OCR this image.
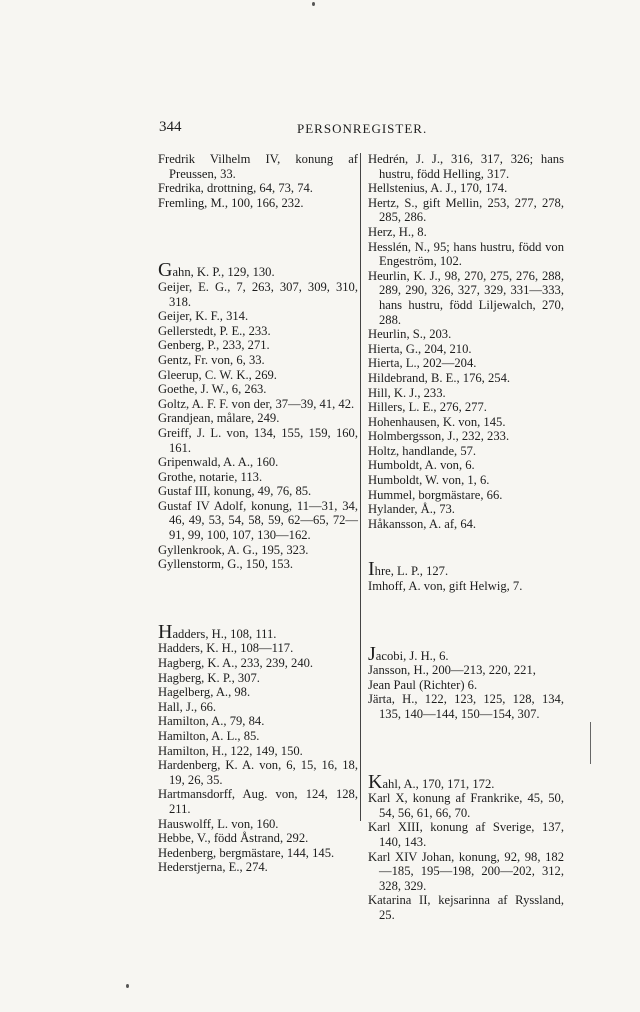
344	PERSONREGISTER.

Fredrik Vilhelm IV, konung af Preussen, 33.

Fredrika, drottning, 64, 73, 74.

Fremling, M., 100, 166, 232.

Gahn, K. P., 129, 130.

Geijer, E. G., 7, 263, 307, 309, 310, 318.

Geijer, K. F., 314.

Gellerstedt, P. E., 233.

Genberg, P., 233, 271.

Gentz, Fr. von, 6, 33.

Gleerup, C. W. K., 269.

Goethe, J. W., 6, 263.

Goltz, A. F. F. von der, 37—39, 41, 42.

Grandjean, målare, 249.

Greiff, J. L. von, 134, 155, 159, 160, 161.

Gripenwald, A. A., 160.

Grothe, notarie, 113.

Gustaf III, konung, 49, 76, 85.

Gustaf IV Adolf, konung, 11—31, 34, 46, 49, 53, 54, 58, 59, 62—65, 72—91, 99, 100, 107, 130—162.

Gyllenkrook, A. G., 195, 323.

Gyllenstorm, G., 150, 153.

Hadders, H., 108, 111.

Hadders, K. H., 108—117.

Hagberg, K. A., 233, 239, 240.

Hagberg, K. P., 307.

Hagelberg, A., 98.

Hall, J., 66.

Hamilton, A., 79, 84.

Hamilton, A. L., 85.

Hamilton, H., 122, 149, 150.

Hardenberg, K. A. von, 6, 15, 16, 18, 19, 26, 35.

Hartmansdorff, Aug. von, 124, 128, 211.

Hauswolff, L. von, 160.

Hebbe, V., född Åstrand, 292.

Hedenberg, bergmästare, 144, 145.

Hederstjerna, E., 274.

Hedrén, J. J., 316, 317, 326; hans hustru, född Helling, 317.

Hellstenius, A. J., 170, 174.

Hertz, S., gift Mellin, 253, 277, 278, 285, 286.

Herz, H., 8.

Hesslén, N., 95; hans hustru, född von Engeström, 102.

Heurlin, K. J., 98, 270, 275, 276, 288, 289, 290, 326, 327, 329, 331—333, hans hustru, född Liljewalch, 270, 288.

Heurlin, S., 203.

Hierta, G., 204, 210.

Hierta, L., 202—204.

Hildebrand, B. E., 176, 254.

Hill, K. J., 233.

Hillers, L. E., 276, 277.

Hohenhausen, K. von, 145.

Holmbergsson, J., 232, 233.

Holtz, handlande, 57.

Humboldt, A. von, 6.

Humboldt, W. von, 1, 6.

Hummel, borgmästare, 66.

Hylander, Å., 73.

Håkansson, A. af, 64.

Ihre, L. P., 127.

Imhoff, A. von, gift Helwig, 7.

Jacobi, J. H., 6.

Jansson, H., 200—213, 220, 221,

Jean Paul (Richter) 6.

Järta, H., 122, 123, 125, 128, 134, 135, 140—144, 150—154, 307.

Kahl, A., 170, 171, 172.

Karl X, konung af Frankrike, 45, 50, 54, 56, 61, 66, 70.

Karl XIII, konung af Sverige, 137, 140, 143.

Karl XIV Johan, konung, 92, 98, 182—185, 195—198, 200—202, 312, 328, 329.

Katarina II, kejsarinna af Ryssland, 25.
